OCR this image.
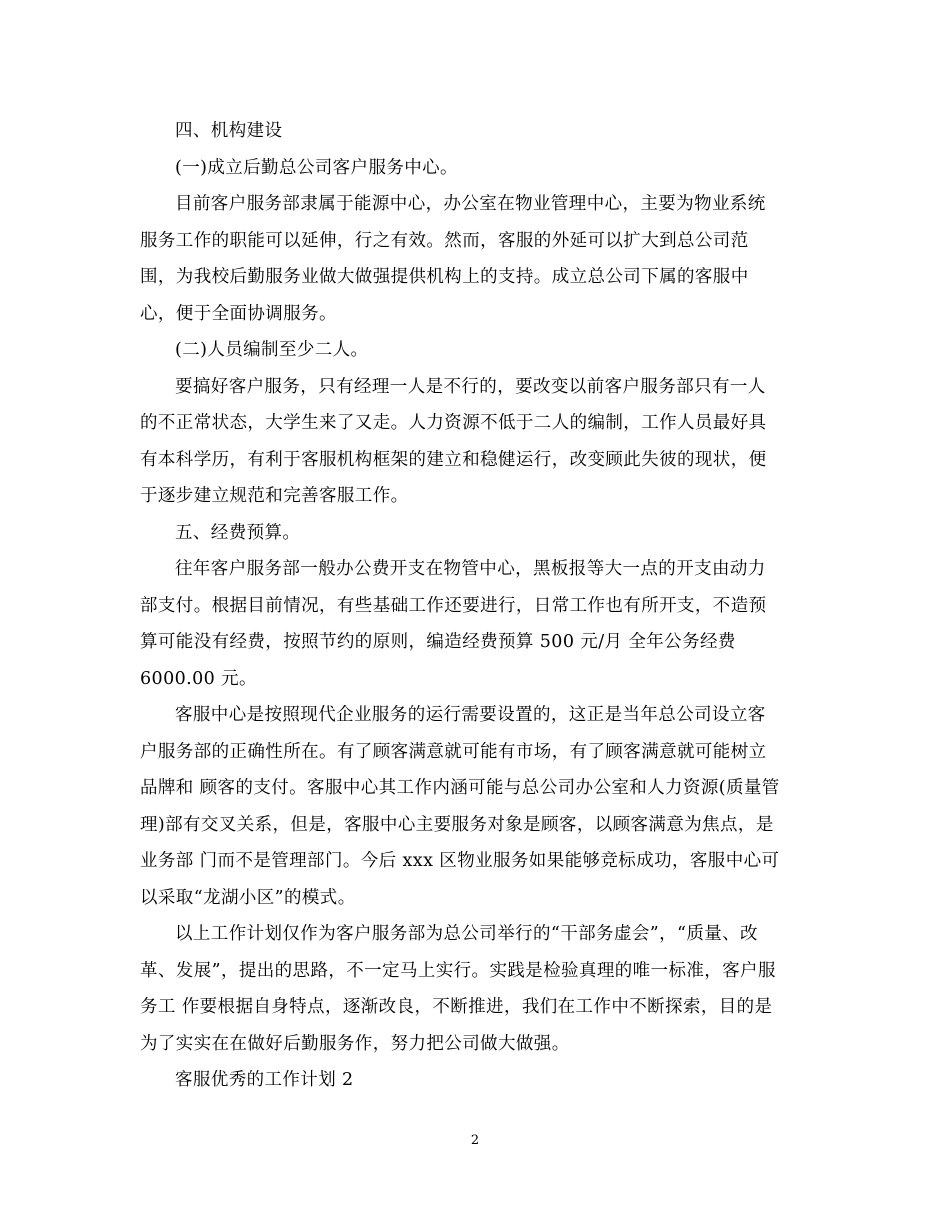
四、机构建设
(一)成立后勤总公司客户服务中心。
目前客户服务部隶属于能源中心，办公室在物业管理中心，主要为物业系统
服务工作的职能可以延伸，行之有效。然而，客服的外延可以扩大到总公司范
围，为我校后勤服务业做大做强提供机构上的支持。成立总公司下属的客服中
心，便于全面协调服务。
(二)人员编制至少二人。
要搞好客户服务，只有经理一人是不行的，要改变以前客户服务部只有一人
的不正常状态，大学生来了又走。人力资源不低于二人的编制，工作人员最好具
有本科学历，有利于客服机构框架的建立和稳健运行，改变顾此失彼的现状，便
于逐步建立规范和完善客服工作。
五、经费预算。
往年客户服务部一般办公费开支在物管中心，黑板报等大一点的开支由动力
部支付。根据目前情况，有些基础工作还要进行，日常工作也有所开支，不造预
算可能没有经费，按照节约的原则，编造经费预算 500 元/月 全年公务经费
6000.00 元。
客服中心是按照现代企业服务的运行需要设置的，这正是当年总公司设立客
户服务部的正确性所在。有了顾客满意就可能有市场，有了顾客满意就可能树立
品牌和 顾客的支付。客服中心其工作内涵可能与总公司办公室和人力资源(质量管
理)部有交叉关系，但是，客服中心主要服务对象是顾客，以顾客满意为焦点，是
业务部 门而不是管理部门。今后 xxx 区物业服务如果能够竞标成功，客服中心可
以采取“龙湖小区”的模式。
以上工作计划仅作为客户服务部为总公司举行的“干部务虚会”，“质量、改
革、发展”，提出的思路，不一定马上实行。实践是检验真理的唯一标准，客户服
务工 作要根据自身特点，逐渐改良，不断推进，我们在工作中不断探索，目的是
为了实实在在做好后勤服务作，努力把公司做大做强。
客服优秀的工作计划 2
2
